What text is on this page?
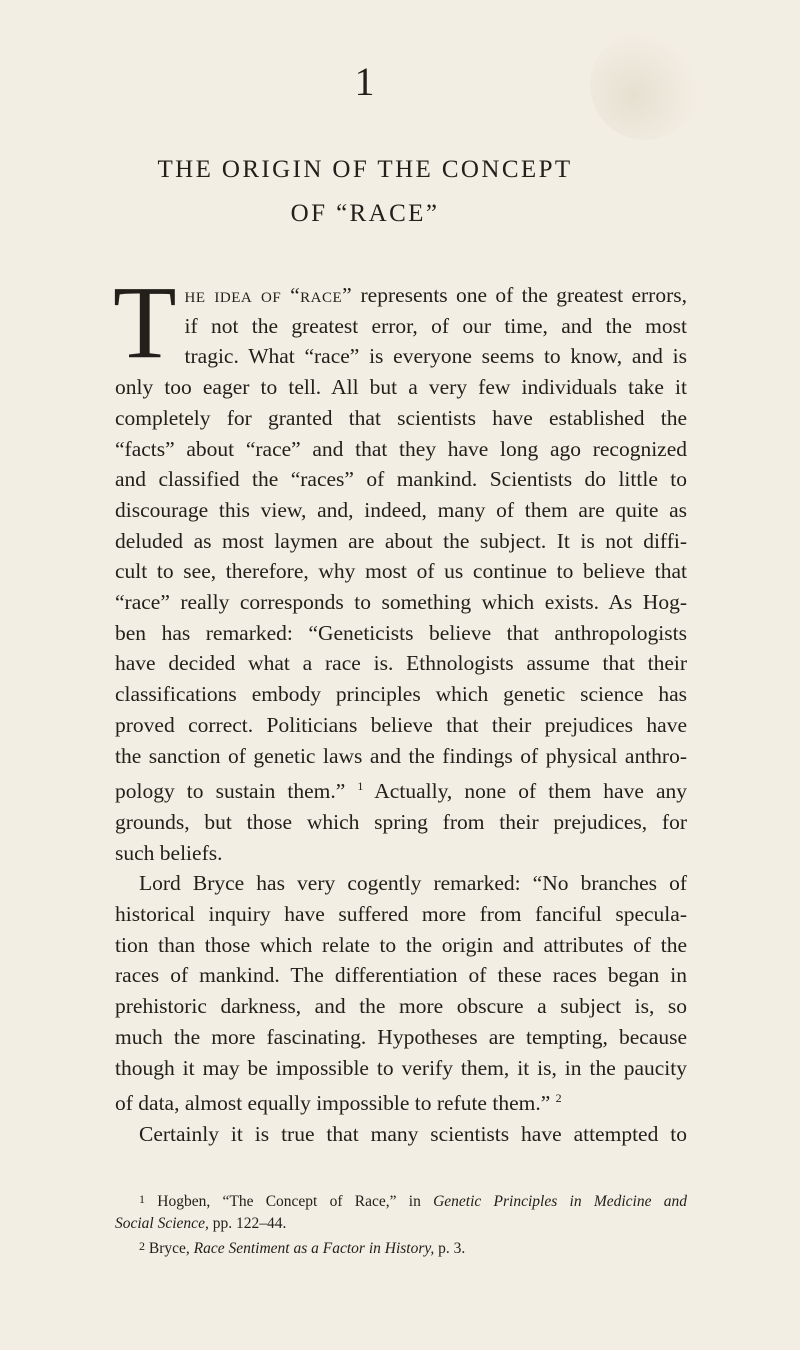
1
THE ORIGIN OF THE CONCEPT
OF “RACE”
T he idea of “race” represents one of the greatest errors,
if not the greatest error, of our time, and the most
tragic. What “race” is everyone seems to know, and is
only too eager to tell. All but a very few individuals take it
completely for granted that scientists have established the
“facts” about “race” and that they have long ago recognized
and classified the “races” of mankind. Scientists do little to
discourage this view, and, indeed, many of them are quite as
deluded as most laymen are about the subject. It is not diffi-
cult to see, therefore, why most of us continue to believe that
“race” really corresponds to something which exists. As Hog-
ben has remarked: “Geneticists believe that anthropologists
have decided what a race is. Ethnologists assume that their
classifications embody principles which genetic science has
proved correct. Politicians believe that their prejudices have
the sanction of genetic laws and the findings of physical anthro-
pology to sustain them.” $^1$ Actually, none of them have any
grounds, but those which spring from their prejudices, for
such beliefs.
Lord Bryce has very cogently remarked: “No branches of
historical inquiry have suffered more from fanciful specula-
tion than those which relate to the origin and attributes of the
races of mankind. The differentiation of these races began in
prehistoric darkness, and the more obscure a subject is, so
much the more fascinating. Hypotheses are tempting, because
though it may be impossible to verify them, it is, in the paucity
of data, almost equally impossible to refute them.” $^2$
Certainly it is true that many scientists have attempted to
1 Hogben, “The Concept of Race,” in Genetic Principles in Medicine and
Social Science, pp. 122–44.
2 Bryce, Race Sentiment as a Factor in History, p. 3.
